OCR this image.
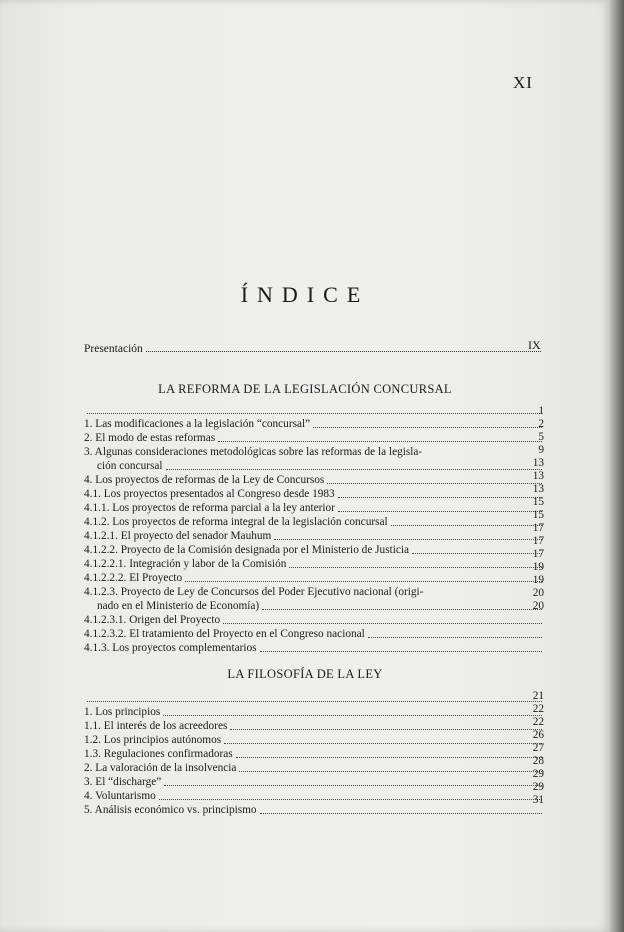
XI
ÍNDICE
Presentación	IX
LA REFORMA DE LA LEGISLACIÓN CONCURSAL
1. Las modificaciones a la legislación “concursal”
2. El modo de estas reformas
3. Algunas consideraciones metodológicas sobre las reformas de la legisla-
ción concursal
4. Los proyectos de reformas de la Ley de Concursos
4.1. Los proyectos presentados al Congreso desde 1983
4.1.1. Los proyectos de reforma parcial a la ley anterior
4.1.2. Los proyectos de reforma integral de la legislación concursal
4.1.2.1. El proyecto del senador Mauhum
4.1.2.2. Proyecto de la Comisión designada por el Ministerio de Justicia
4.1.2.2.1. Integración y labor de la Comisión
4.1.2.2.2. El Proyecto
4.1.2.3. Proyecto de Ley de Concursos del Poder Ejecutivo nacional (origi-
nado en el Ministerio de Economía)
4.1.2.3.1. Origen del Proyecto
4.1.2.3.2. El tratamiento del Proyecto en el Congreso nacional
4.1.3. Los proyectos complementarios
1
2
5
9
13
13
13
15
15
17
17
17
19
19
20
20
LA FILOSOFÍA DE LA LEY
1. Los principios
1.1. El interés de los acreedores
1.2. Los principios autónomos
1.3. Regulaciones confirmadoras
2. La valoración de la insolvencia
3. El “discharge”
4. Voluntarismo
5. Análisis económico vs. principismo
21
22
22
26
27
28
29
29
31
